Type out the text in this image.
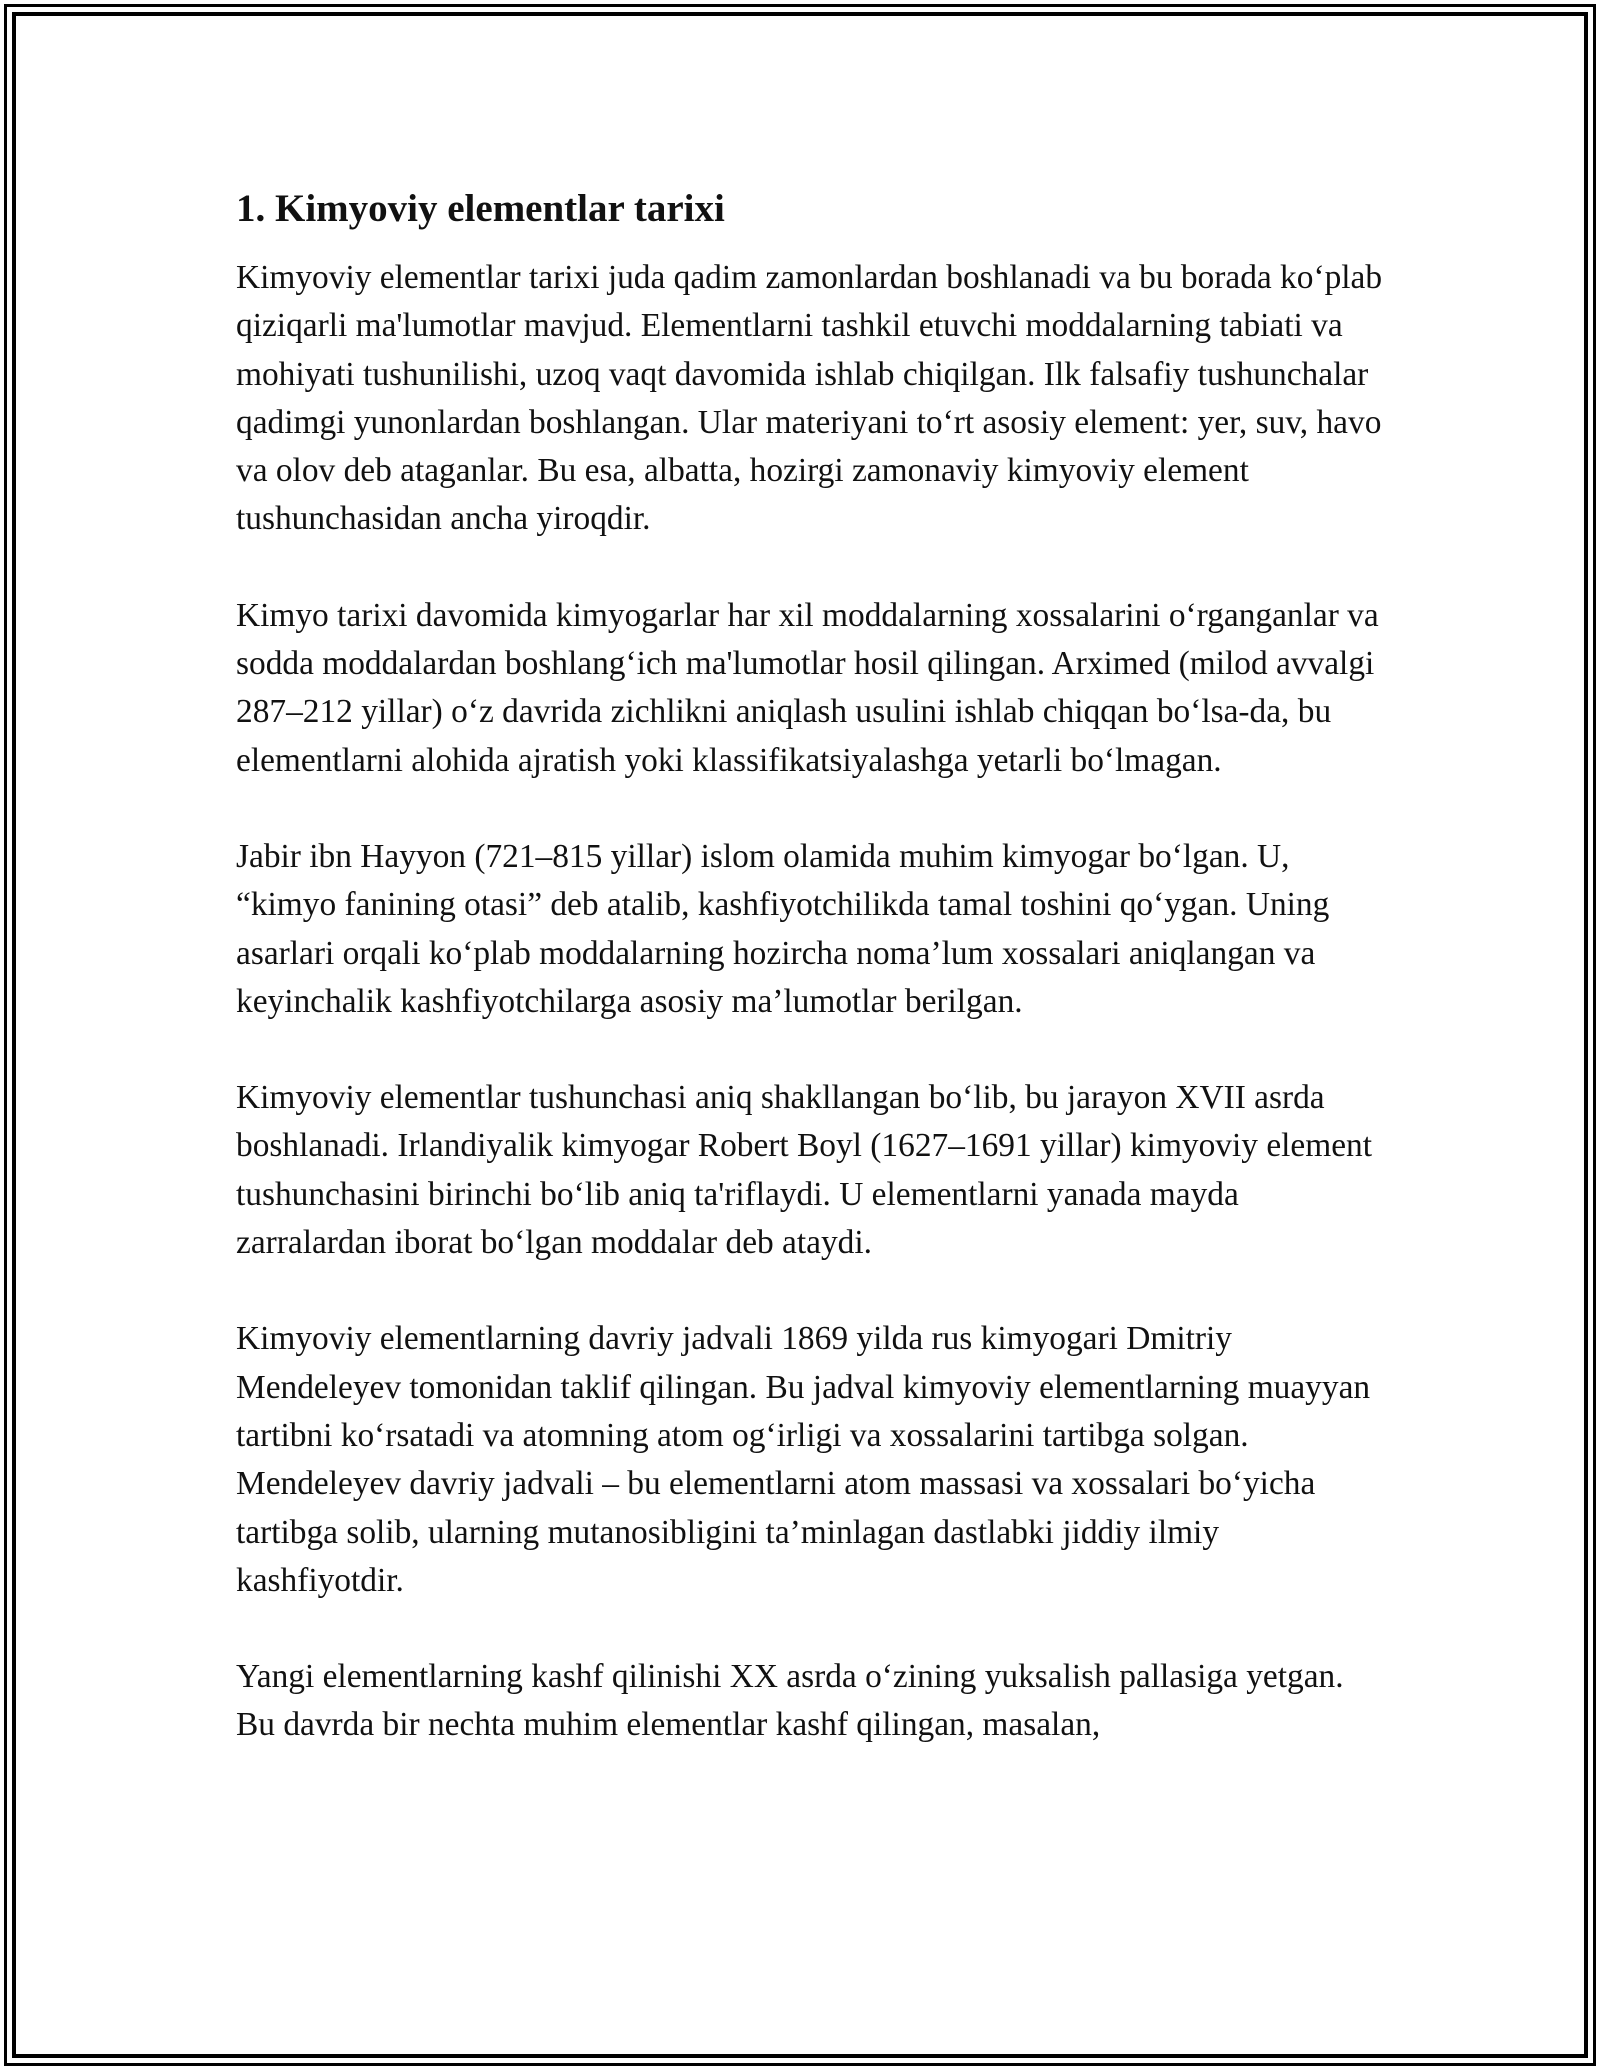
1. Kimyoviy elementlar tarixi

Kimyoviy elementlar tarixi juda qadim zamonlardan boshlanadi va bu borada ko‘plab qiziqarli ma'lumotlar mavjud. Elementlarni tashkil etuvchi moddalarning tabiati va mohiyati tushunilishi, uzoq vaqt davomida ishlab chiqilgan. Ilk falsafiy tushunchalar qadimgi yunonlardan boshlangan. Ular materiyani to‘rt asosiy element: yer, suv, havo va olov deb ataganlar. Bu esa, albatta, hozirgi zamonaviy kimyoviy element tushunchasidan ancha yiroqdir.

Kimyo tarixi davomida kimyogarlar har xil moddalarning xossalarini o‘rganganlar va sodda moddalardan boshlang‘ich ma'lumotlar hosil qilingan. Arximed (milod avvalgi 287–212 yillar) o‘z davrida zichlikni aniqlash usulini ishlab chiqqan bo‘lsa-da, bu elementlarni alohida ajratish yoki klassifikatsiyalashga yetarli bo‘lmagan.

Jabir ibn Hayyon (721–815 yillar) islom olamida muhim kimyogar bo‘lgan. U, “kimyo fanining otasi” deb atalib, kashfiyotchilikda tamal toshini qo‘ygan. Uning asarlari orqali ko‘plab moddalarning hozircha noma’lum xossalari aniqlangan va keyinchalik kashfiyotchilarga asosiy ma’lumotlar berilgan.

Kimyoviy elementlar tushunchasi aniq shakllangan bo‘lib, bu jarayon XVII asrda boshlanadi. Irlandiyalik kimyogar Robert Boyl (1627–1691 yillar) kimyoviy element tushunchasini birinchi bo‘lib aniq ta'riflaydi. U elementlarni yanada mayda zarralardan iborat bo‘lgan moddalar deb ataydi.

Kimyoviy elementlarning davriy jadvali 1869 yilda rus kimyogari Dmitriy Mendeleyev tomonidan taklif qilingan. Bu jadval kimyoviy elementlarning muayyan tartibni ko‘rsatadi va atomning atom og‘irligi va xossalarini tartibga solgan. Mendeleyev davriy jadvali – bu elementlarni atom massasi va xossalari bo‘yicha tartibga solib, ularning mutanosibligini ta’minlagan dastlabki jiddiy ilmiy kashfiyotdir.

Yangi elementlarning kashf qilinishi XX asrda o‘zining yuksalish pallasiga yetgan. Bu davrda bir nechta muhim elementlar kashf qilingan, masalan,
